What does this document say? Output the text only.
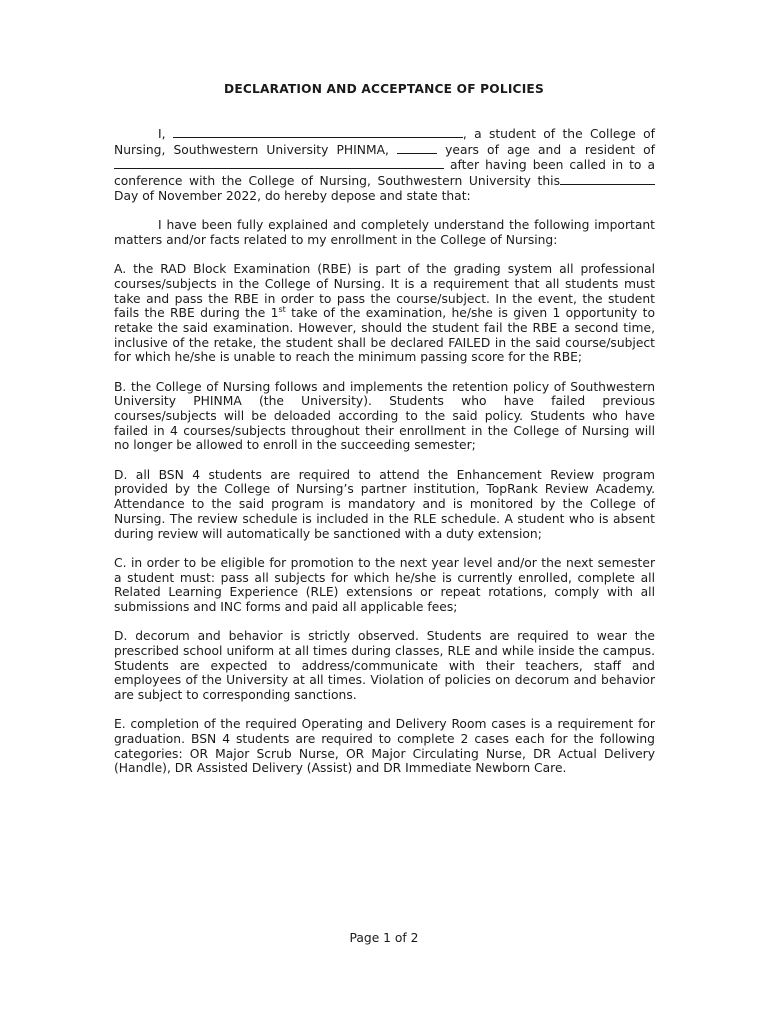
DECLARATION AND ACCEPTANCE OF POLICIES

I,	, a student of the College of Nursing, Southwestern University PHINMA,	years of age and a resident of  after having been called in to a conference with the College of Nursing, Southwestern University this Day of November 2022, do hereby depose and state that:

I have been fully explained and completely understand the following important matters and/or facts related to my enrollment in the College of Nursing:

A. the RAD Block Examination (RBE) is part of the grading system all professional courses/subjects in the College of Nursing. It is a requirement that all students must take and pass the RBE in order to pass the course/subject. In the event, the student fails the RBE during the 1st take of the examination, he/she is given 1 opportunity to retake the said examination. However, should the student fail the RBE a second time, inclusive of the retake, the student shall be declared FAILED in the said course/subject for which he/she is unable to reach the minimum passing score for the RBE;

B. the College of Nursing follows and implements the retention policy of Southwestern University PHINMA (the University). Students who have failed previous courses/subjects will be deloaded according to the said policy. Students who have failed in 4 courses/subjects throughout their enrollment in the College of Nursing will no longer be allowed to enroll in the succeeding semester;

D. all BSN 4 students are required to attend the Enhancement Review program provided by the College of Nursing’s partner institution, TopRank Review Academy. Attendance to the said program is mandatory and is monitored by the College of Nursing. The review schedule is included in the RLE schedule. A student who is absent during review will automatically be sanctioned with a duty extension;

C. in order to be eligible for promotion to the next year level and/or the next semester a student must: pass all subjects for which he/she is currently enrolled, complete all Related Learning Experience (RLE) extensions or repeat rotations, comply with all submissions and INC forms and paid all applicable fees;

D. decorum and behavior is strictly observed. Students are required to wear the prescribed school uniform at all times during classes, RLE and while inside the campus. Students are expected to address/communicate with their teachers, staff and employees of the University at all times. Violation of policies on decorum and behavior are subject to corresponding sanctions.

E. completion of the required Operating and Delivery Room cases is a requirement for graduation. BSN 4 students are required to complete 2 cases each for the following categories: OR Major Scrub Nurse, OR Major Circulating Nurse, DR Actual Delivery (Handle), DR Assisted Delivery (Assist) and DR Immediate Newborn Care.

Page 1 of 2
